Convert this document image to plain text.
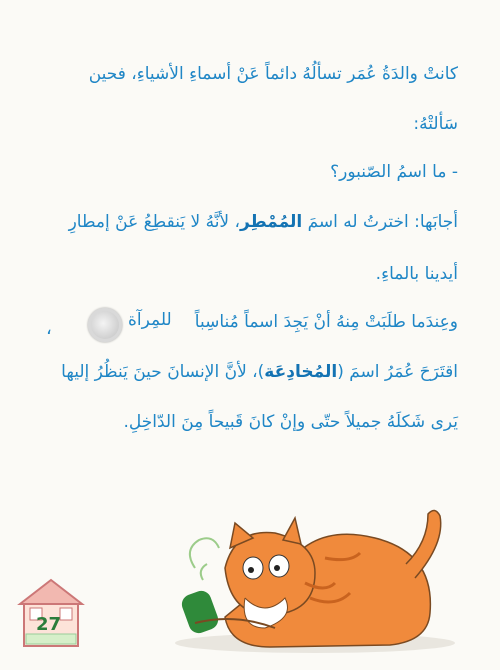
كانتْ والدَةُ عُمَر تسألُهُ دائماً عَنْ أسماءِ الأشياءِ، فحين
سَألتْهُ:
- ما اسمُ الصّنبور؟
أجابَها: اخترتُ له اسمَ المُمْطِر، لأنَّهُ لا يَنقطِعُ عَنْ إمطارِ
أيدينا بالماءِ.
وعِندَما طلَبَتْ مِنهُ أنْ يَجِدَ اسماً مُناسِباً
للمِرآة
،
اقتَرَحَ عُمَرُ اسمَ (المُخادِعَة)، لأنَّ الإنسانَ حينَ يَنظُرُ إليها
يَرى شَكلَهُ جميلاً حتّى وإنْ كانَ قَبيحاً مِنَ الدّاخِلِ.
27
